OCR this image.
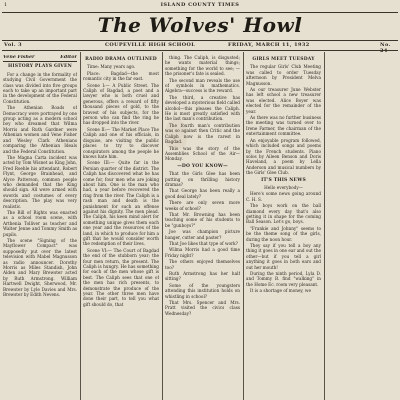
1	ISLAND COUNTY TIMES
The Wolves' Howl
Vol. 3	COUPEVILLE HIGH SCHOOL	FRIDAY, MARCH 11, 1932	No. 24
Vene Fisher	Editor
HISTORY PLAYS GIVEN

For a change in the formality of studying Civil Government the class was divided into five groups each to take up an important part in the development of the Federal Constitution.

The Athenian Roads of Democracy were portrayed by one group acting as a modern school boy who dreamed that Wilma Morris and Ruth Gardner were Athenian women and Vene Fisher and Wesley Clark Athenians comparing the Athenian Ideals and the Federal Constitution.

The Magna Carta incident was acted by Tom Wisnet as King John, Fred Roehle his attendant, Robert Flynt, George Brainhead, and Alyce Patterson, common people who demanded that the King should sign. All were armed with swords and costumes of every description. The play was very realistic.

The Bill of Rights was enacted as a school room scene, with Arthenia Tolliver as teacher and Walter Jenne and Tommy Smith as pupils.

The scene "Signing of the Mayflower Compact" was supposedly put over the latest television with Mabel Magnusson as radio announcer. Dorothy Morris as Miles Standish, John Alden and Mary Brewster acted by Ruth Armstrong. William Hartwell Dwight, Sherwood, Mr. Brewster by Lyle Davies and Mrs. Brewster by Edith Nevens.

RADIO DRAMA OUTLINED

Time: Many years ago.

Place: Bagdad—the most romantic city in the far east.

Scene I:— A Public Street. The Caliph of Bagdad, a poet and a lawyer who is both cruel and generous, offers a reward of fifty thousand pieces of gold, to the bravest of his subjects, for the person who can find the ring he has dropped into the river.

Scene II:— The Market Place The Caliph and one of his officials, in disguise, are visiting the public places to try to discover conspirators among the people he knows hate him.

Scene III:— Quite far in the Persian quarter of the district. The Caliph has discovered what he has come for, four men who are joking about him. One is the man who had, a year before recovered the ring from the river. The Caliph is a rash man and death is the punishment for such an offense against his dignity. The men plead. The Caliph, his keen mind alert for something unique gives them each one year and the resources of the land, in which to produce for him a gift that he would consider worth the redemption of their lives.

Scene VI:— The Court of Bagdad the end of the stubborn year; the four men return, the present. The Caliph is hungry. He has something for each of the men whose gift is best. The Caliph sees that one of the men has rich presents, to demonstrate the produce of the year. The other three men have done their part, to tell you what gift should do, that

thing. The Caliph, is disgusted; he wants material things; something for the world to see; —the prisoner's fate is sealed.

The second man reveals the use of symbols in mathematics. Algebra—success is the reward.

The third, a creative has developed a mysterious field called alcohol—this pleases the Caliph. He is most greatly satisfied with the last man's contribution.

The fourth man's contribution was so against then Critic and the Caliph now is the rarest in Bagdad.

This was the story of the Assemblies School of the Air—Monday.

—DO YOU KNOW—

That the Girls Glee has been putting on thrilling history dramas?

That George has been really a good deal lately?

There are only seven more weeks of school?

That Mr. Browning has been teaching some of his students to be "gunboys?"

Joe was champion picture hanger, cutter and paster?

That Joe likes that type of work?

Wilma Morris had a good time Friday night?

The others enjoyed themselves too?

Ruth Armstrong has her half sitting?

Some of the youngsters attending this institution holds on whistling in school?

That Mrs. Spencer and Mrs. Pratt visited the civics class Wednesday?

GIRLS MEET TUESDAY

The regular Girls' Club Meeting was called to order Tuesday afternoon by President Melva Magnusson.

As our treasurer June Webster has left school a new treasurer was elected. Alice Boyer was elected for the remainder of the year.

As there was no further business the meeting was turned over to Irene Farmer, the chairman of the entertainment committee.

An enjoyable program followed, which included songs and poems by the French students. Piano solos by Aileen Benson and Doris Haveland, a poem by Lella Anderson and musical numbers by the Girls' Glee Club.

IT'S THIS NEWS

Hello everybody—

Here's some news going around C. H. S.

The boys work on the ball diamond every day that's also getting it in shape for the coming Ball Season. Let's go, boys.

"Frankie and Johnny" seems to be the theme song of the girls, during the noon hour.

They say if you tell a boy any thing it goes in one ear and out the other—but if you tell a girl anything it goes in both ears and out her mouth!

During the ninth period, Lyla D. and Tommy B. find "walking" in the Home Ec. room very pleasant.

It is a shortage of money, we
